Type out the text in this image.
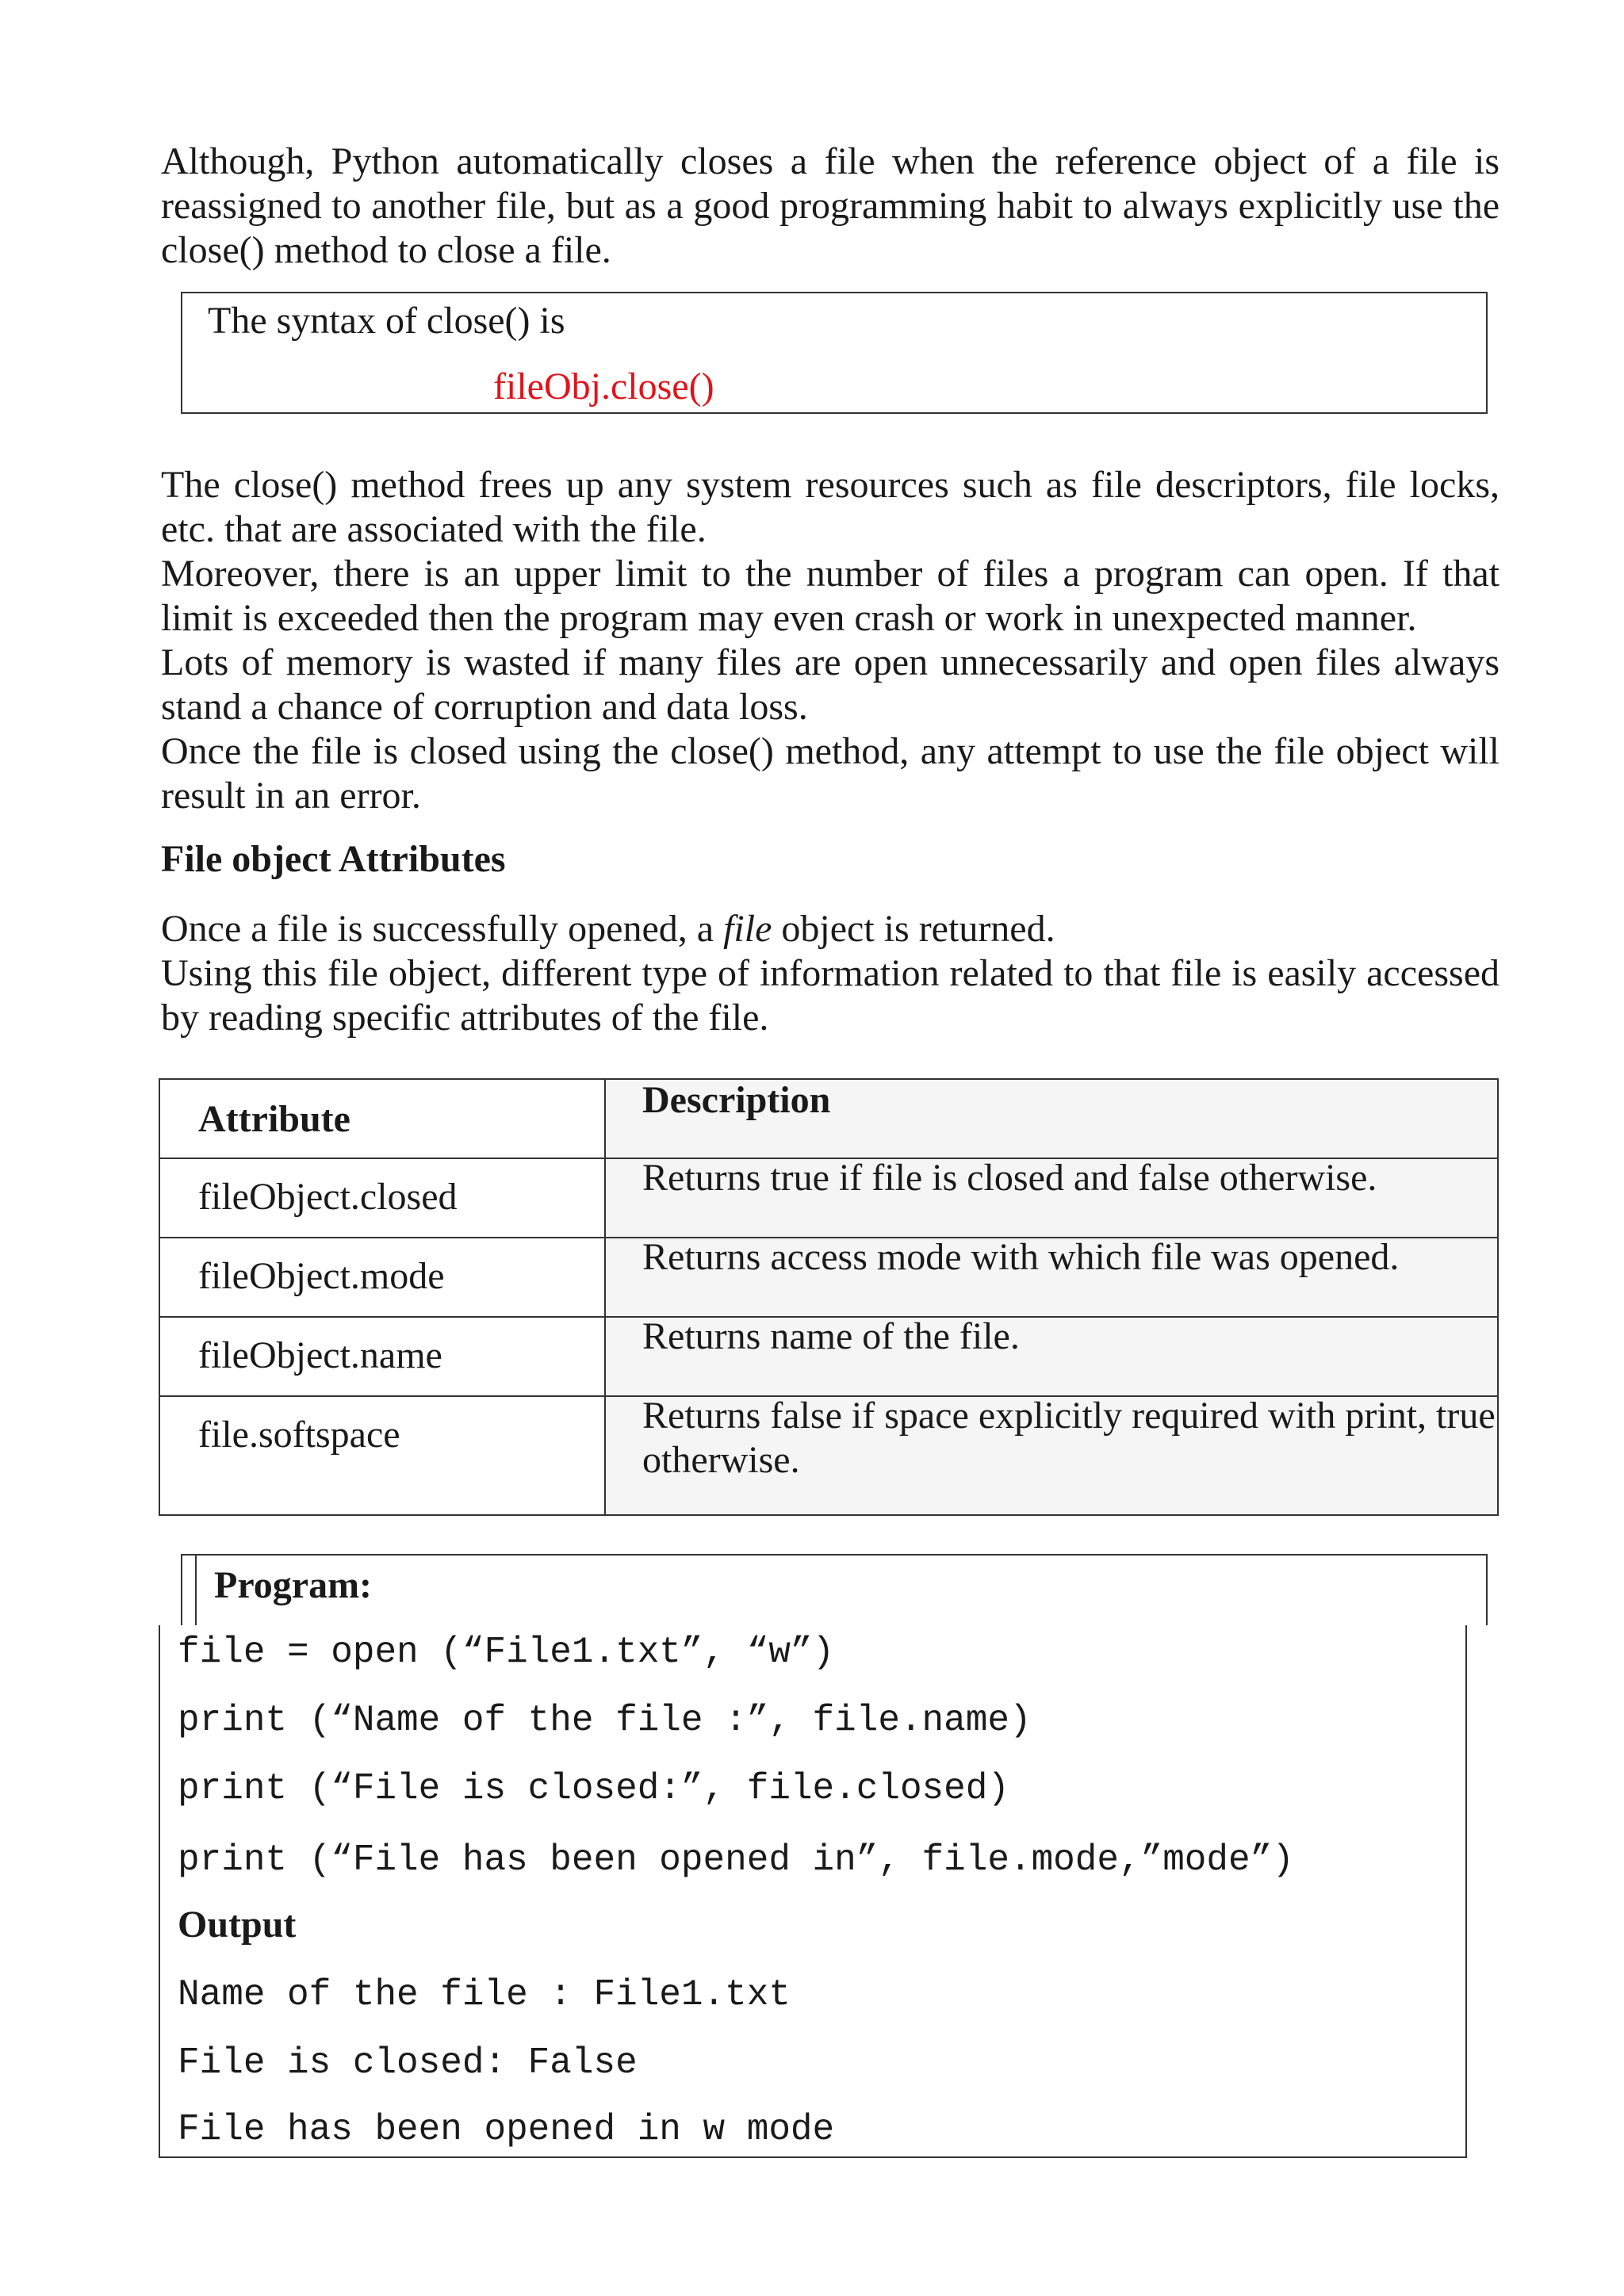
Although, Python automatically closes a file when the reference object of a file is reassigned to another file, but as a good programming habit to always explicitly use the close() method to close a file.

The syntax of close() is
fileObj.close()

The close() method frees up any system resources such as file descriptors, file locks, etc. that are associated with the file.

Moreover, there is an upper limit to the number of files a program can open. If that limit is exceeded then the program may even crash or work in unexpected manner.

Lots of memory is wasted if many files are open unnecessarily and open files always stand a chance of corruption and data loss.

Once the file is closed using the close() method, any attempt to use the file object will result in an error.

File object Attributes

Once a file is successfully opened, a file object is returned.

Using this file object, different type of information related to that file is easily accessed by reading specific attributes of the file.

Attribute	Description
fileObject.closed	Returns true if file is closed and false otherwise.
fileObject.mode	Returns access mode with which file was opened.
fileObject.name	Returns name of the file.
file.softspace	Returns false if space explicitly required with print, true otherwise.
Program:
file = open (“File1.txt”, “w”)
print (“Name of the file :”, file.name)
print (“File is closed:”, file.closed)
print (“File has been opened in”, file.mode,”mode”)
Output
Name of the file : File1.txt
File is closed: False
File has been opened in w mode
